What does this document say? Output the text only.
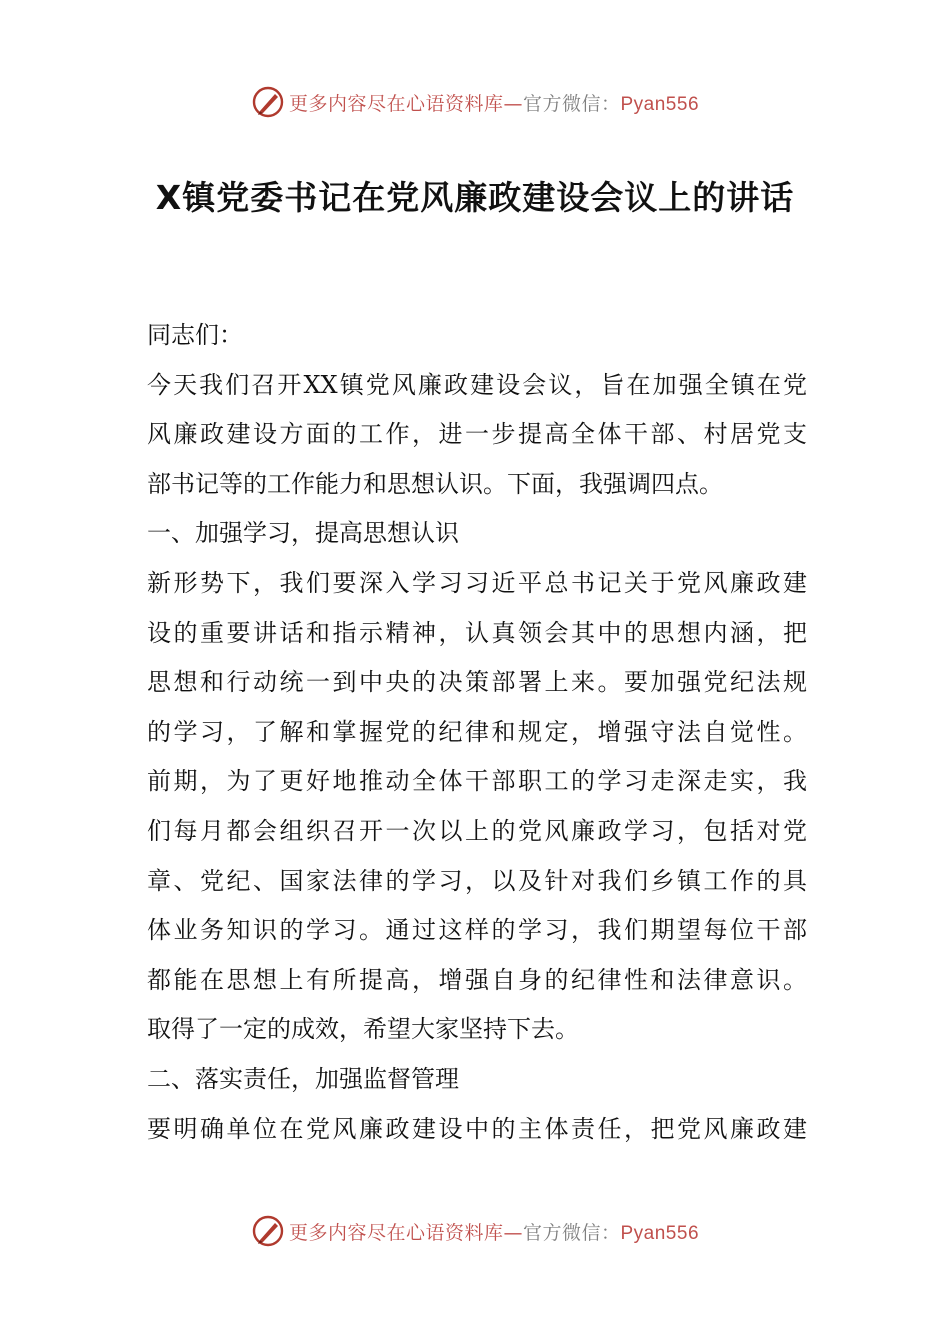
更多内容尽在心语资料库—官方微信：Pyan556
X镇党委书记在党风廉政建设会议上的讲话
同志们：
今天我们召开XX镇党风廉政建设会议，旨在加强全镇在党
风廉政建设方面的工作，进一步提高全体干部、村居党支
部书记等的工作能力和思想认识。下面，我强调四点。
一、加强学习，提高思想认识
新形势下，我们要深入学习习近平总书记关于党风廉政建
设的重要讲话和指示精神，认真领会其中的思想内涵，把
思想和行动统一到中央的决策部署上来。要加强党纪法规
的学习，了解和掌握党的纪律和规定，增强守法自觉性。
前期，为了更好地推动全体干部职工的学习走深走实，我
们每月都会组织召开一次以上的党风廉政学习，包括对党
章、党纪、国家法律的学习，以及针对我们乡镇工作的具
体业务知识的学习。通过这样的学习，我们期望每位干部
都能在思想上有所提高，增强自身的纪律性和法律意识。
取得了一定的成效，希望大家坚持下去。
二、落实责任，加强监督管理
要明确单位在党风廉政建设中的主体责任，把党风廉政建
更多内容尽在心语资料库—官方微信：Pyan556
